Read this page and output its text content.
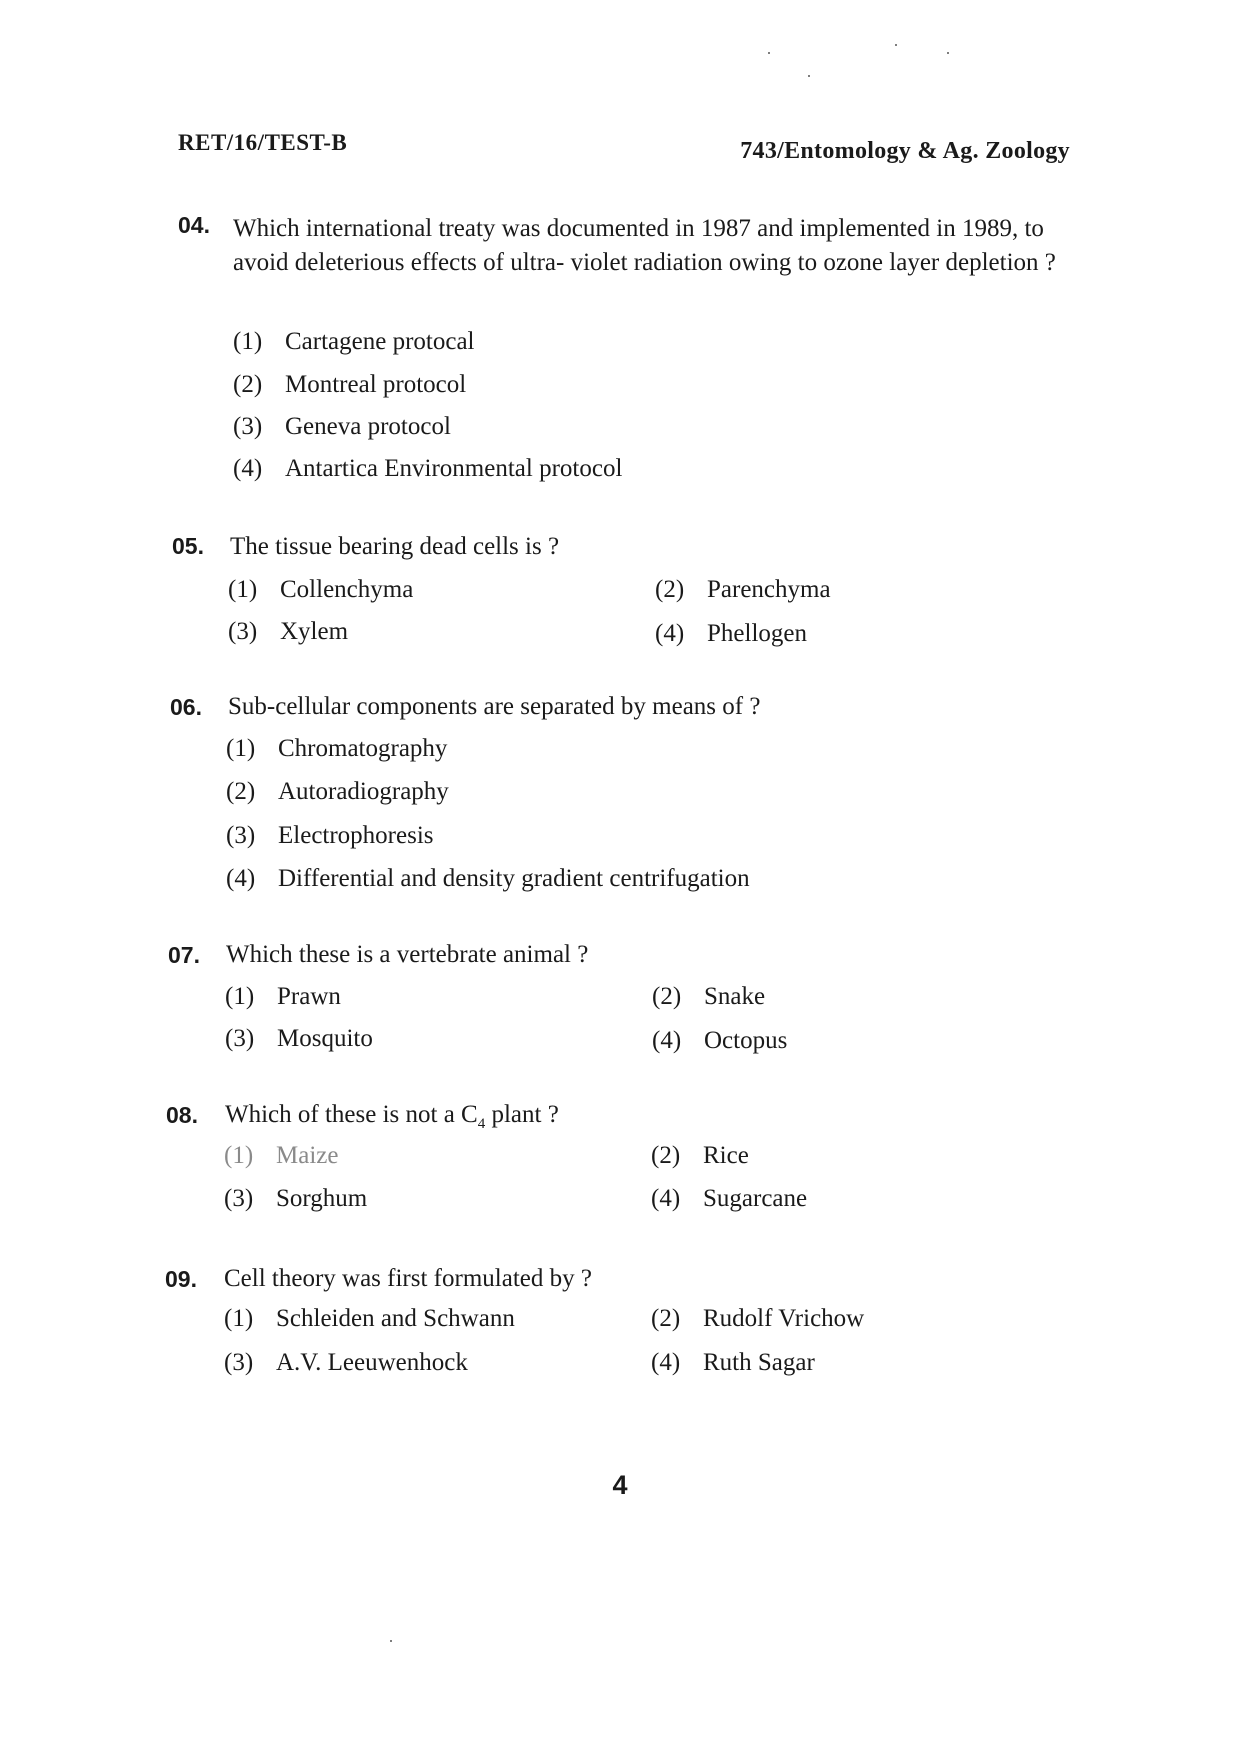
RET/16/TEST-B	743/Entomology & Ag. Zoology
04. Which international treaty was documented in 1987 and implemented in 1989, to avoid deleterious effects of ultra- violet radiation owing to ozone layer depletion ?
(1) Cartagene protocal
(2) Montreal protocol
(3) Geneva protocol
(4) Antartica Environmental protocol
05. The tissue bearing dead cells is ?
(1) Collenchyma	(2) Parenchyma
(3) Xylem	(4) Phellogen
06. Sub-cellular components are separated by means of ?
(1) Chromatography
(2) Autoradiography
(3) Electrophoresis
(4) Differential and density gradient centrifugation
07. Which these is a vertebrate animal ?
(1) Prawn	(2) Snake
(3) Mosquito	(4) Octopus
08. Which of these is not a $C_4$ plant ?
(1) Maize	(2) Rice
(3) Sorghum	(4) Sugarcane
09. Cell theory was first formulated by ?
(1) Schleiden and Schwann	(2) Rudolf Vrichow
(3) A.V. Leeuwenhock	(4) Ruth Sagar
4
